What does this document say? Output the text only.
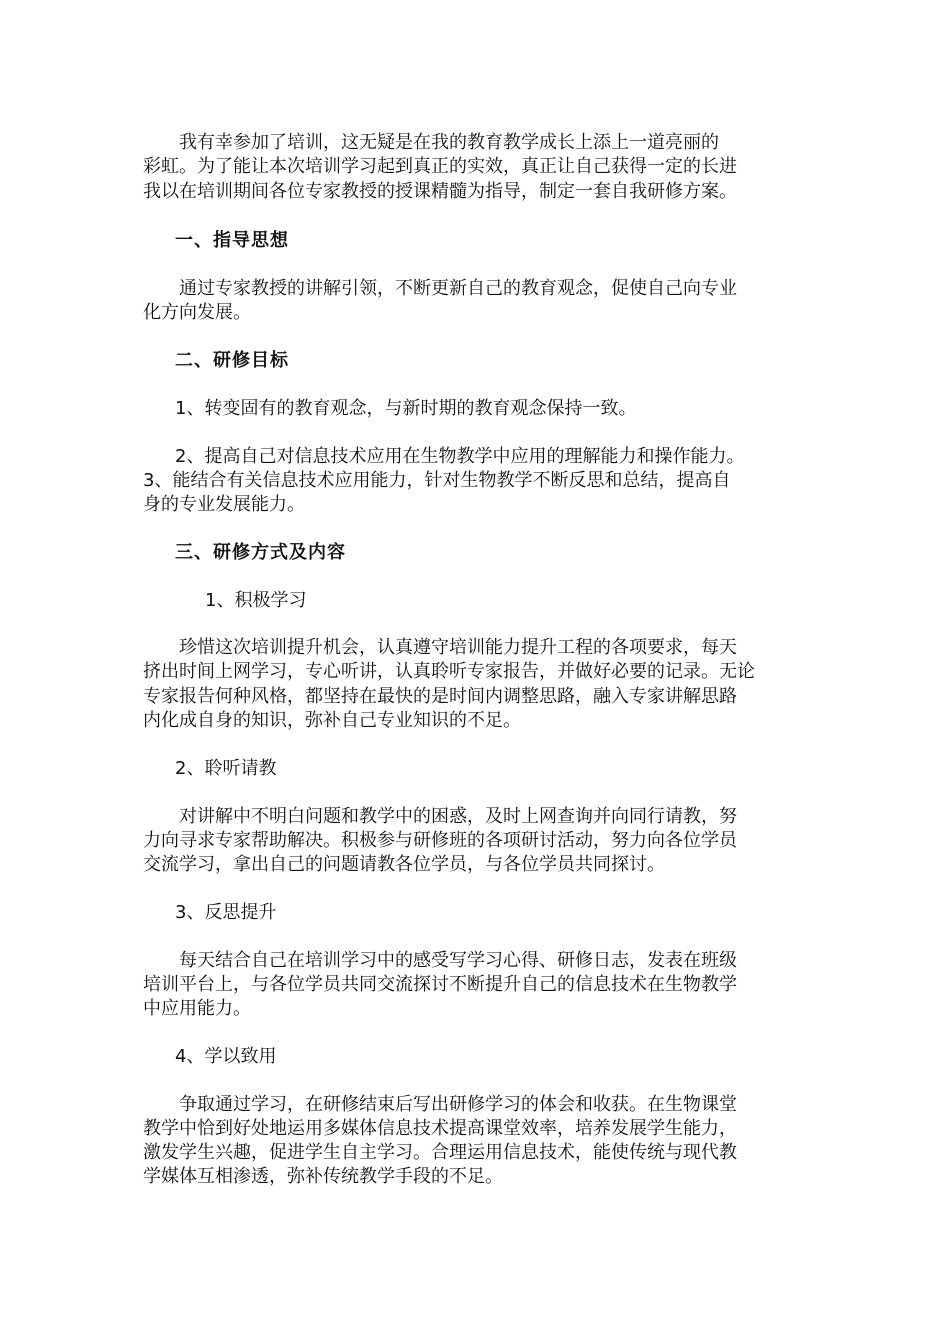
　　我有幸参加了培训，这无疑是在我的教育教学成长上添上一道亮丽的
彩虹。为了能让本次培训学习起到真正的实效，真正让自己获得一定的长进
我以在培训期间各位专家教授的授课精髓为指导，制定一套自我研修方案。
一、指导思想
　　通过专家教授的讲解引领，不断更新自己的教育观念，促使自己向专业
化方向发展。
二、研修目标
1、转变固有的教育观念，与新时期的教育观念保持一致。
2、提高自己对信息技术应用在生物教学中应用的理解能力和操作能力。
3、能结合有关信息技术应用能力，针对生物教学不断反思和总结，提高自
身的专业发展能力。
三、研修方式及内容
1、积极学习
　　珍惜这次培训提升机会，认真遵守培训能力提升工程的各项要求，每天
挤出时间上网学习，专心听讲，认真聆听专家报告，并做好必要的记录。无论
专家报告何种风格，都坚持在最快的是时间内调整思路，融入专家讲解思路
内化成自身的知识，弥补自己专业知识的不足。
2、聆听请教
　　对讲解中不明白问题和教学中的困惑，及时上网查询并向同行请教，努
力向寻求专家帮助解决。积极参与研修班的各项研讨活动，努力向各位学员
交流学习，拿出自己的问题请教各位学员，与各位学员共同探讨。
3、反思提升
　　每天结合自己在培训学习中的感受写学习心得、研修日志，发表在班级
培训平台上，与各位学员共同交流探讨不断提升自己的信息技术在生物教学
中应用能力。
4、学以致用
　　争取通过学习，在研修结束后写出研修学习的体会和收获。在生物课堂
教学中恰到好处地运用多媒体信息技术提高课堂效率，培养发展学生能力，
激发学生兴趣，促进学生自主学习。合理运用信息技术，能使传统与现代教
学媒体互相渗透，弥补传统教学手段的不足。
